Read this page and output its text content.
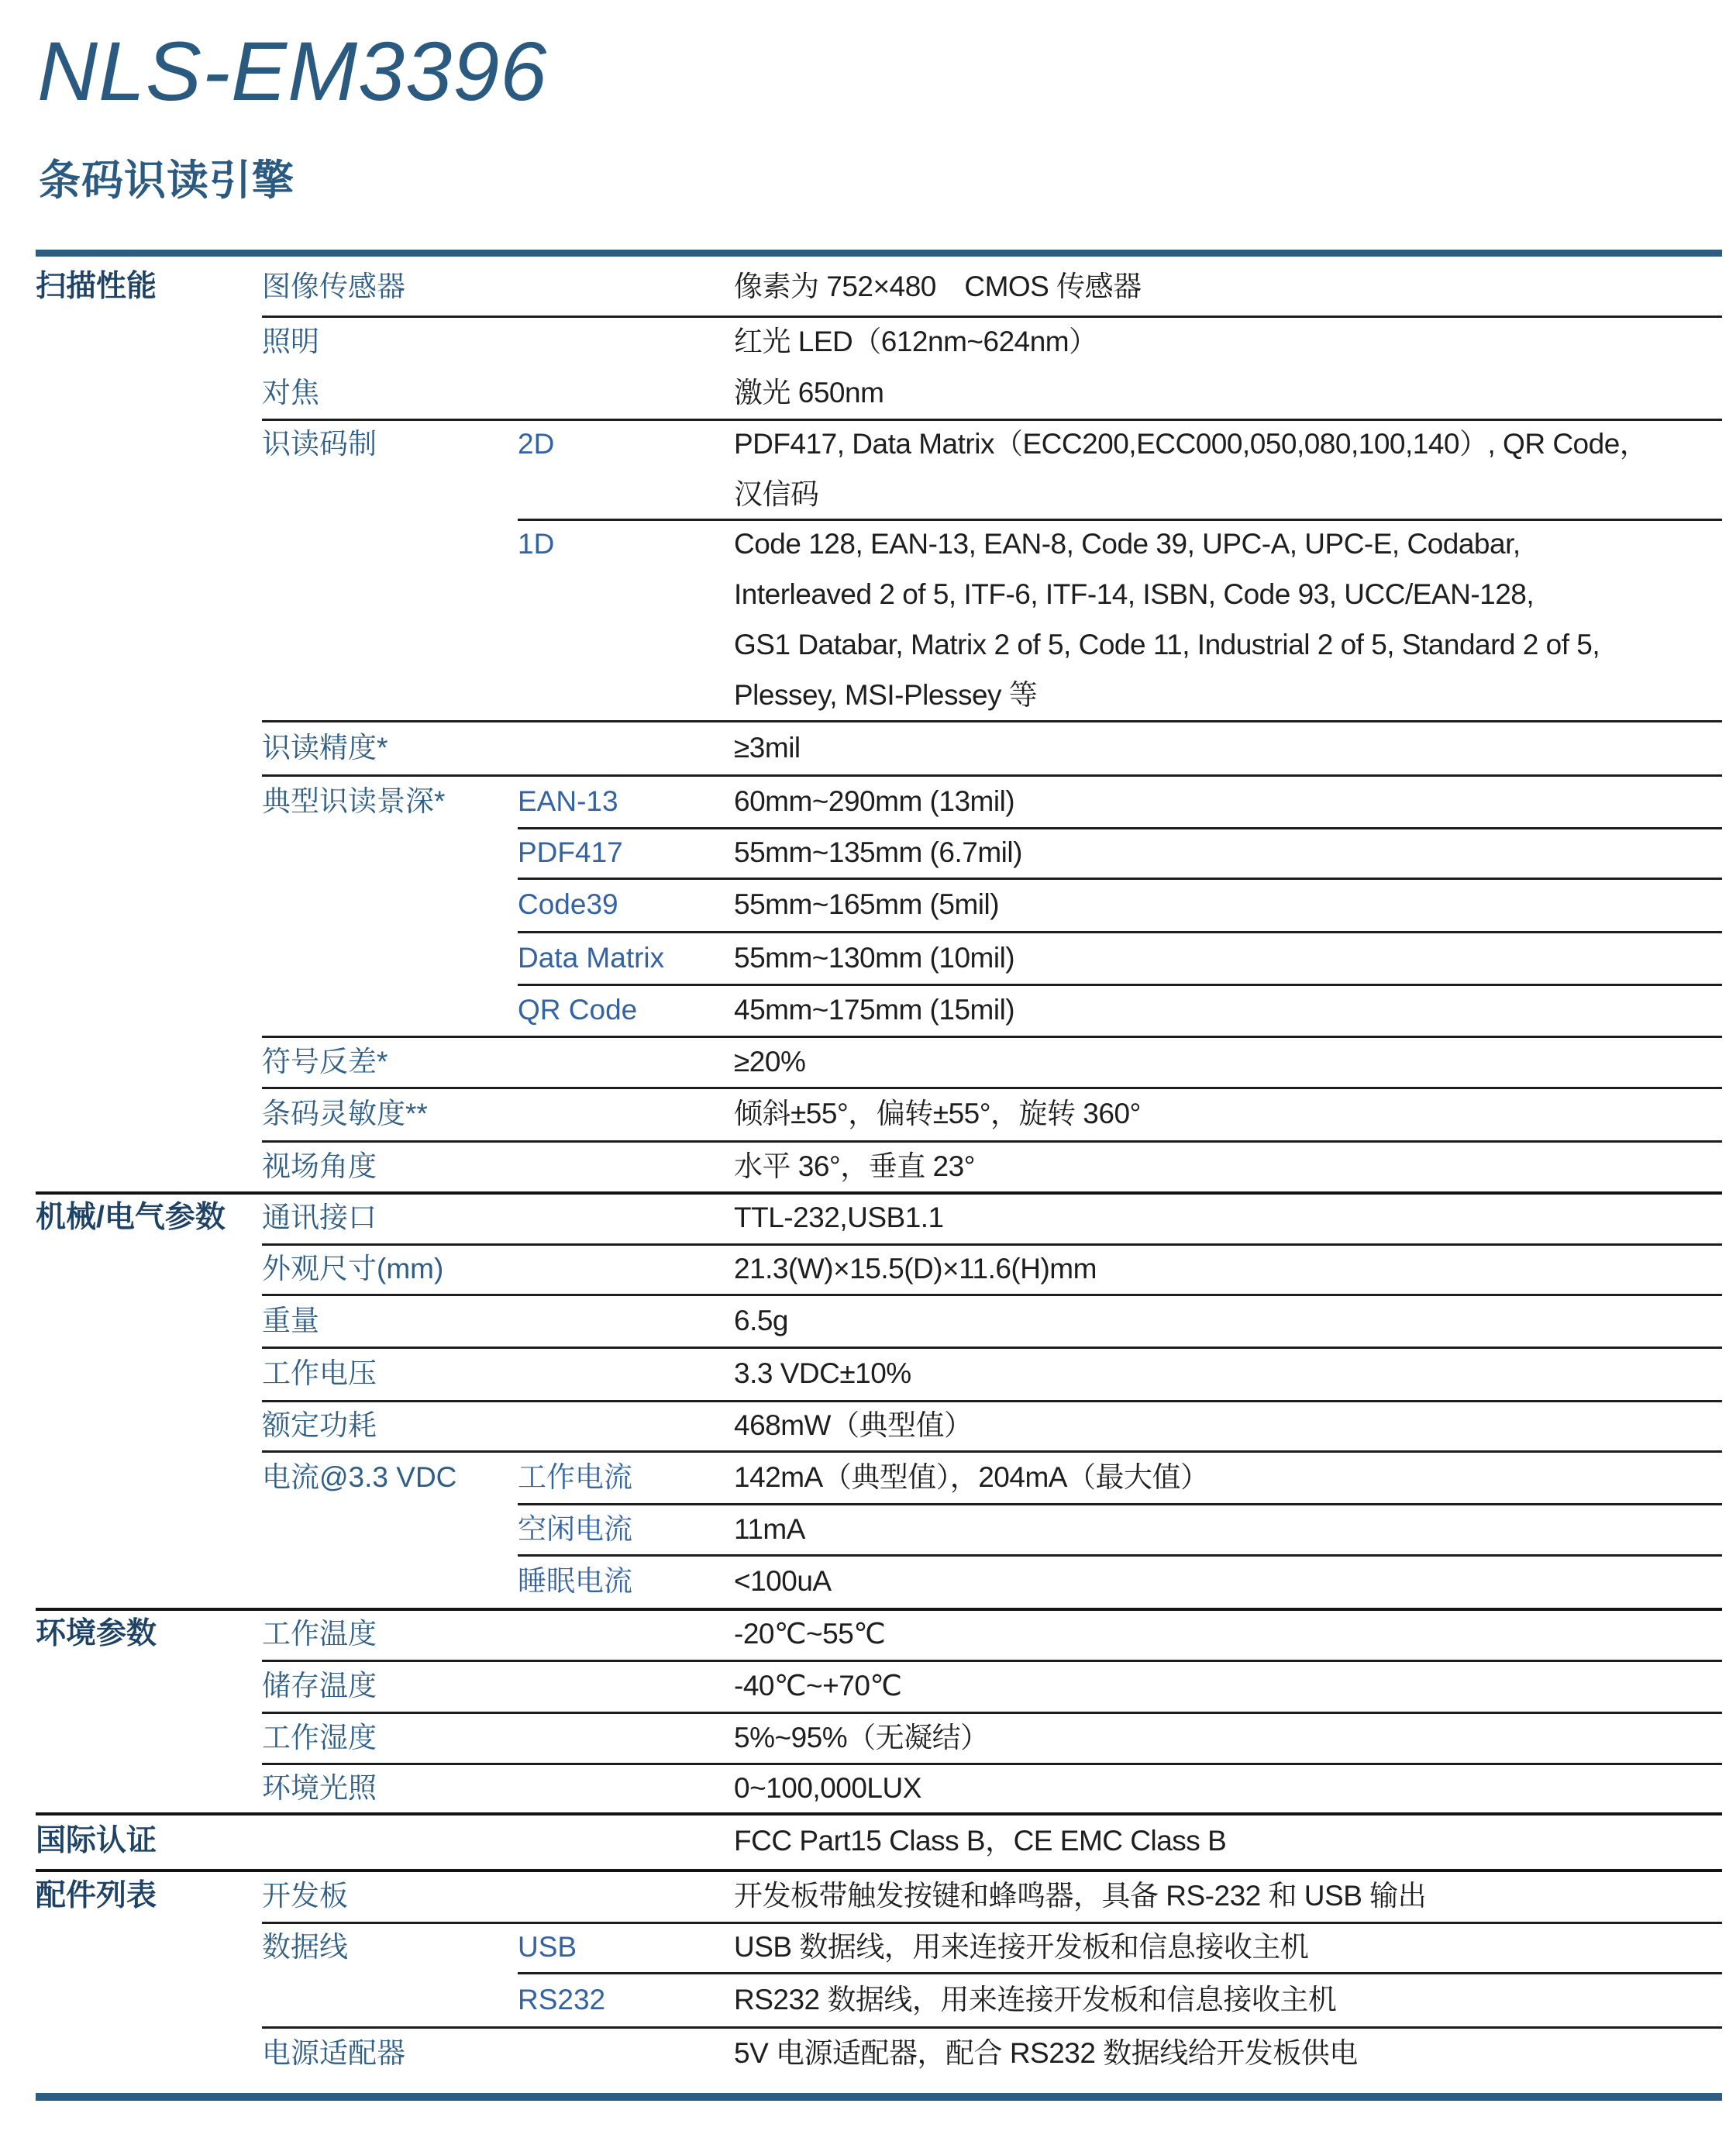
NLS-EM3396
条码识读引擎
扫描性能	图像传感器	像素为 752×480　CMOS 传感器
照明	红光 LED（612nm~624nm）
对焦	激光 650nm
识读码制	2D	PDF417, Data Matrix（ECC200,ECC000,050,080,100,140）, QR Code，
汉信码
1D	Code 128, EAN-13, EAN-8, Code 39, UPC-A, UPC-E, Codabar,
Interleaved 2 of 5, ITF-6, ITF-14, ISBN, Code 93, UCC/EAN-128,
GS1 Databar, Matrix 2 of 5, Code 11, Industrial 2 of 5, Standard 2 of 5,
Plessey, MSI-Plessey 等
识读精度*	≥3mil
典型识读景深*	EAN-13	60mm~290mm (13mil)
PDF417	55mm~135mm (6.7mil)
Code39	55mm~165mm (5mil)
Data Matrix	55mm~130mm (10mil)
QR Code	45mm~175mm (15mil)
符号反差*	≥20%
条码灵敏度**	倾斜±55°，偏转±55°，旋转 360°
视场角度	水平 36°，垂直 23°
机械/电气参数	通讯接口	TTL-232,USB1.1
外观尺寸(mm)	21.3(W)×15.5(D)×11.6(H)mm
重量	6.5g
工作电压	3.3 VDC±10%
额定功耗	468mW（典型值）
电流@3.3 VDC	工作电流	142mA（典型值），204mA（最大值）
空闲电流	11mA
睡眠电流	<100uA
环境参数	工作温度	-20℃~55℃
储存温度	-40℃~+70℃
工作湿度	5%~95%（无凝结）
环境光照	0~100,000LUX
国际认证	FCC Part15 Class B，CE EMC Class B
配件列表	开发板	开发板带触发按键和蜂鸣器，具备 RS-232 和 USB 输出
数据线	USB	USB 数据线，用来连接开发板和信息接收主机
RS232	RS232 数据线，用来连接开发板和信息接收主机
电源适配器	5V 电源适配器，配合 RS232 数据线给开发板供电
